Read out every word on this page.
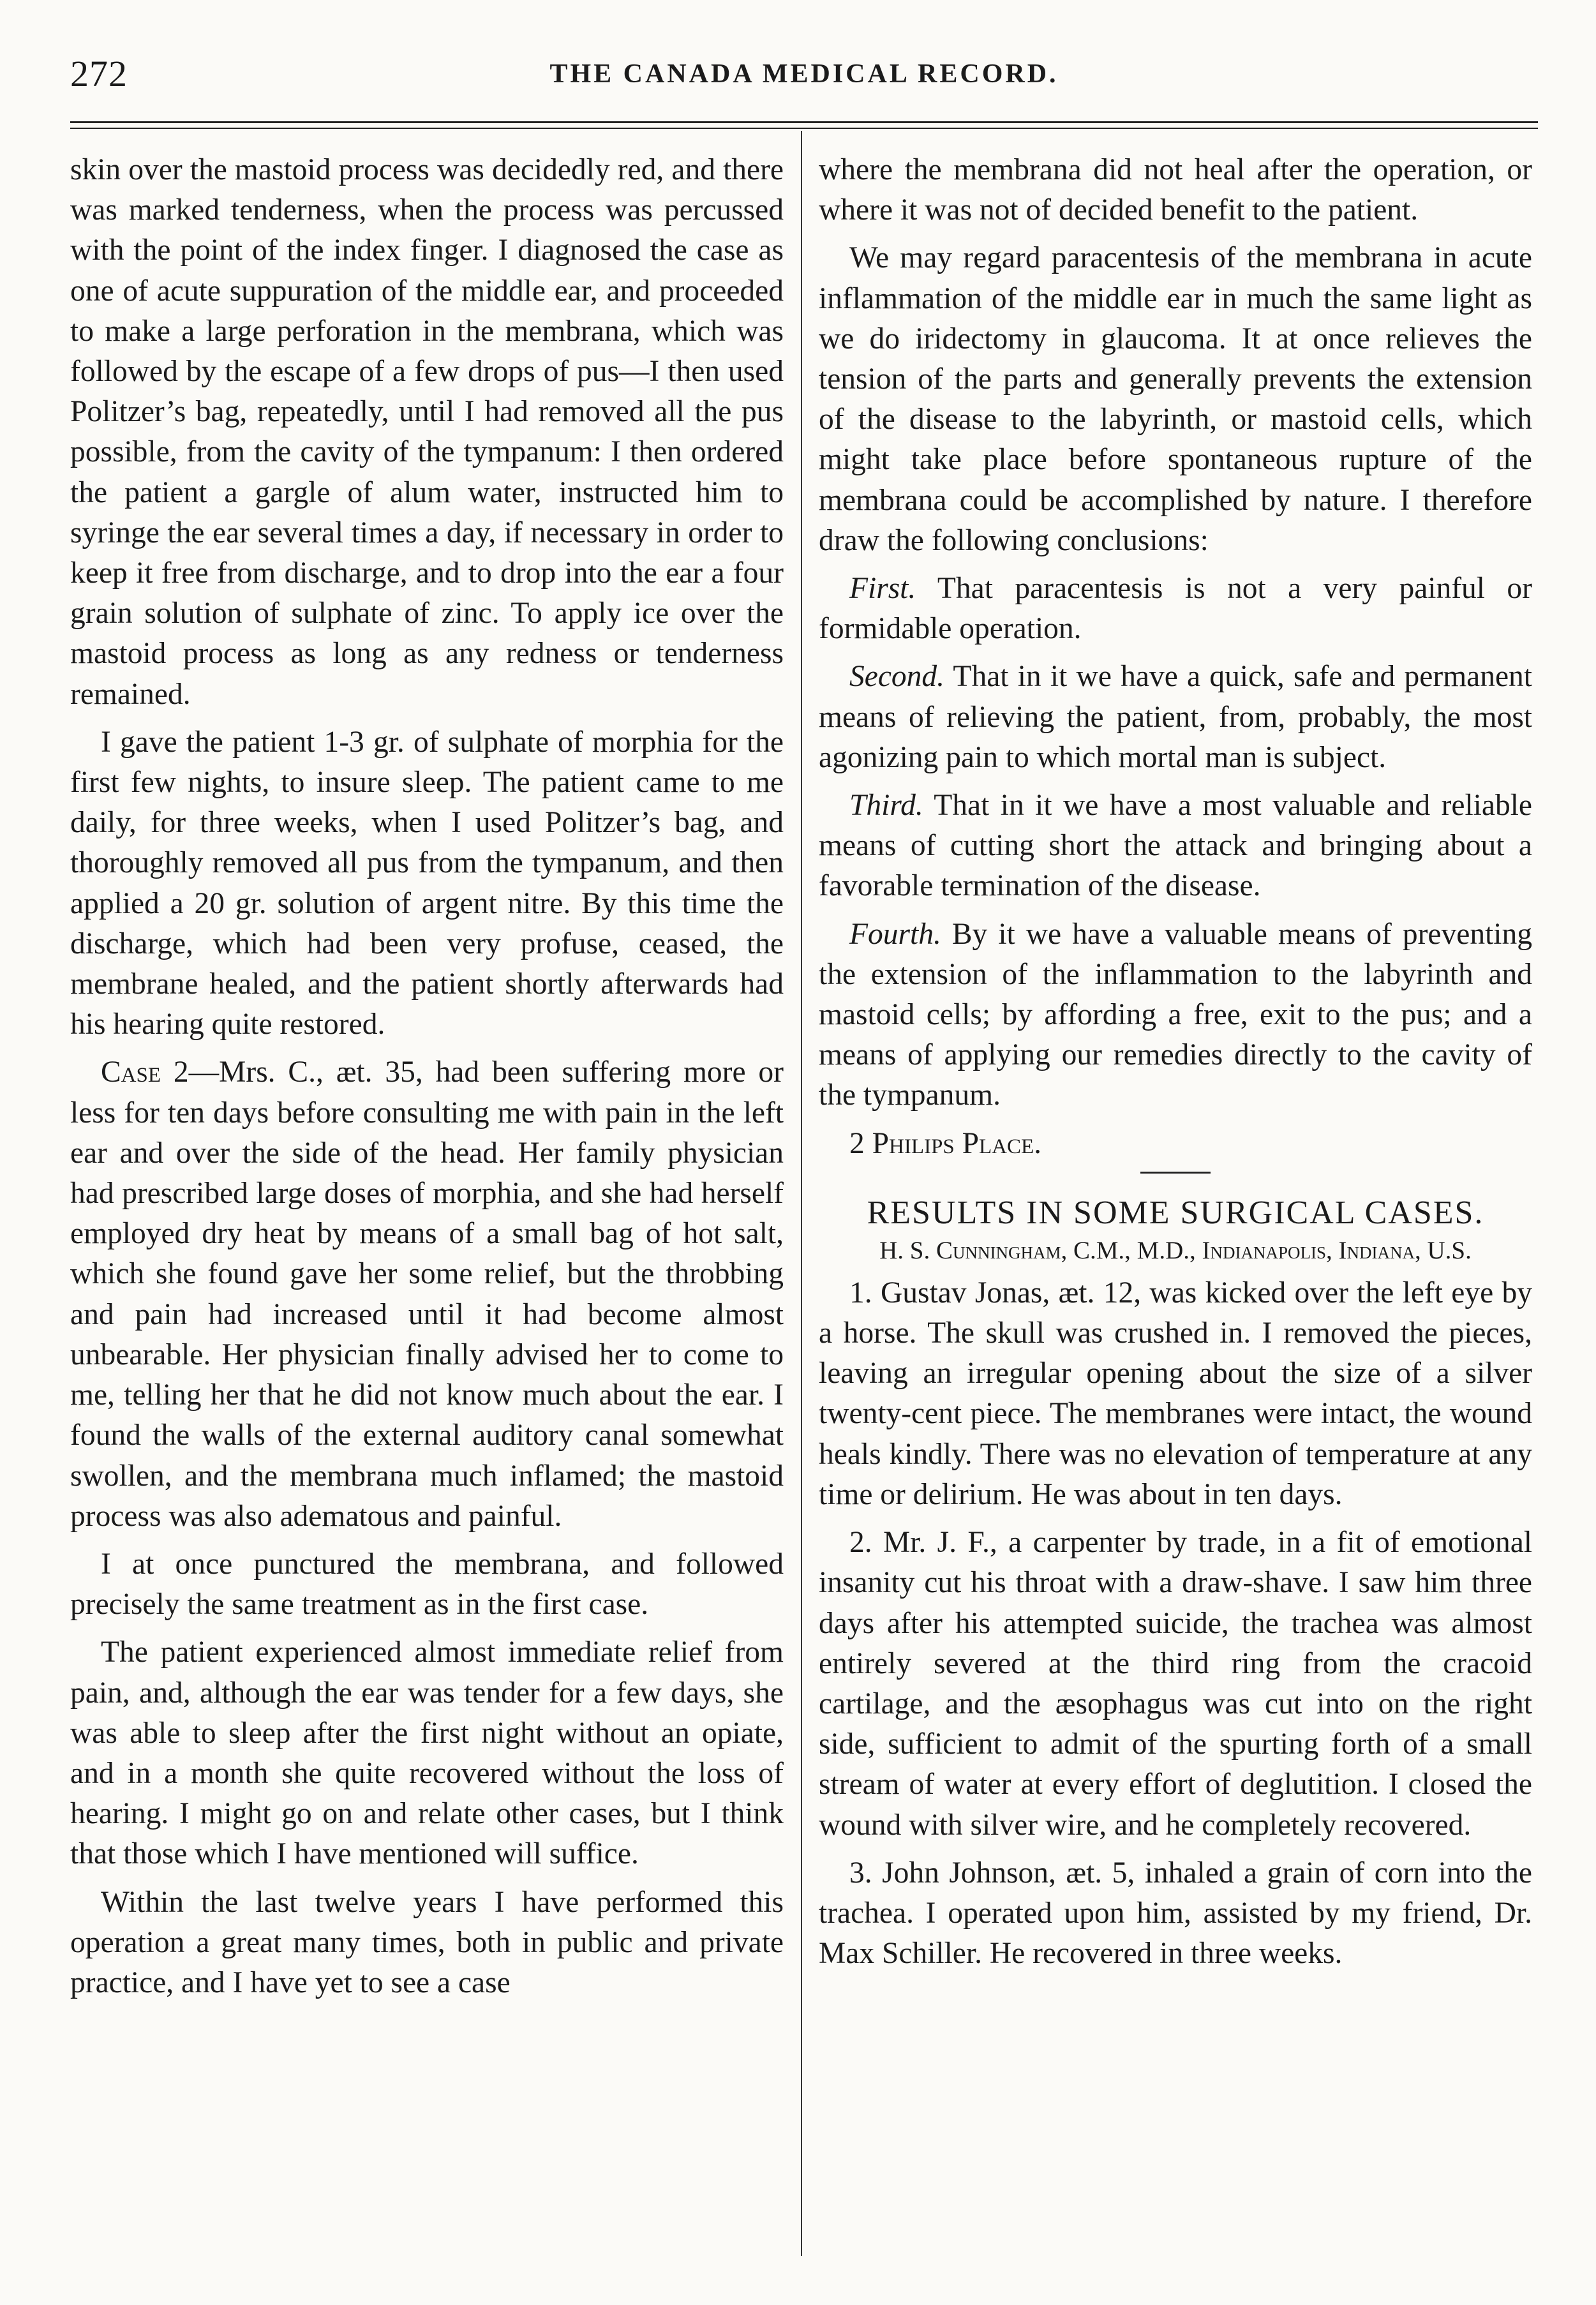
272	THE CANADA MEDICAL RECORD.

skin over the mastoid process was decidedly red, and there was marked tenderness, when the process was percussed with the point of the index finger. I diagnosed the case as one of acute suppuration of the middle ear, and proceeded to make a large perforation in the membrana, which was followed by the escape of a few drops of pus—I then used Politzer’s bag, repeatedly, until I had removed all the pus possible, from the cavity of the tympanum: I then ordered the patient a gargle of alum water, instructed him to syringe the ear several times a day, if necessary in order to keep it free from discharge, and to drop into the ear a four grain solution of sulphate of zinc. To apply ice over the mastoid process as long as any redness or tenderness remained.

I gave the patient 1-3 gr. of sulphate of morphia for the first few nights, to insure sleep. The patient came to me daily, for three weeks, when I used Politzer’s bag, and thoroughly removed all pus from the tympanum, and then applied a 20 gr. solution of argent nitre. By this time the discharge, which had been very profuse, ceased, the membrane healed, and the patient shortly afterwards had his hearing quite restored.

Case 2—Mrs. C., æt. 35, had been suffering more or less for ten days before consulting me with pain in the left ear and over the side of the head. Her family physician had prescribed large doses of morphia, and she had herself employed dry heat by means of a small bag of hot salt, which she found gave her some relief, but the throbbing and pain had increased until it had become almost unbearable. Her physician finally advised her to come to me, telling her that he did not know much about the ear. I found the walls of the external auditory canal somewhat swollen, and the membrana much inflamed; the mastoid process was also adematous and painful.

I at once punctured the membrana, and followed precisely the same treatment as in the first case.

The patient experienced almost immediate relief from pain, and, although the ear was tender for a few days, she was able to sleep after the first night without an opiate, and in a month she quite recovered without the loss of hearing. I might go on and relate other cases, but I think that those which I have mentioned will suffice.

Within the last twelve years I have performed this operation a great many times, both in public and private practice, and I have yet to see a case

where the membrana did not heal after the operation, or where it was not of decided benefit to the patient.

We may regard paracentesis of the membrana in acute inflammation of the middle ear in much the same light as we do iridectomy in glaucoma. It at once relieves the tension of the parts and generally prevents the extension of the disease to the labyrinth, or mastoid cells, which might take place before spontaneous rupture of the membrana could be accomplished by nature. I therefore draw the following conclusions:

First. That paracentesis is not a very painful or formidable operation.

Second. That in it we have a quick, safe and permanent means of relieving the patient, from, probably, the most agonizing pain to which mortal man is subject.

Third. That in it we have a most valuable and reliable means of cutting short the attack and bringing about a favorable termination of the disease.

Fourth. By it we have a valuable means of preventing the extension of the inflammation to the labyrinth and mastoid cells; by affording a free, exit to the pus; and a means of applying our remedies directly to the cavity of the tympanum.

2 Philips Place.

RESULTS IN SOME SURGICAL CASES.

H. S. Cunningham, C.M., M.D., Indianapolis, Indiana, U.S.

1. Gustav Jonas, æt. 12, was kicked over the left eye by a horse. The skull was crushed in. I removed the pieces, leaving an irregular opening about the size of a silver twenty-cent piece. The membranes were intact, the wound heals kindly. There was no elevation of temperature at any time or delirium. He was about in ten days.

2. Mr. J. F., a carpenter by trade, in a fit of emotional insanity cut his throat with a draw-shave. I saw him three days after his attempted suicide, the trachea was almost entirely severed at the third ring from the cracoid cartilage, and the æsophagus was cut into on the right side, sufficient to admit of the spurting forth of a small stream of water at every effort of deglutition. I closed the wound with silver wire, and he completely recovered.

3. John Johnson, æt. 5, inhaled a grain of corn into the trachea. I operated upon him, assisted by my friend, Dr. Max Schiller. He recovered in three weeks.
